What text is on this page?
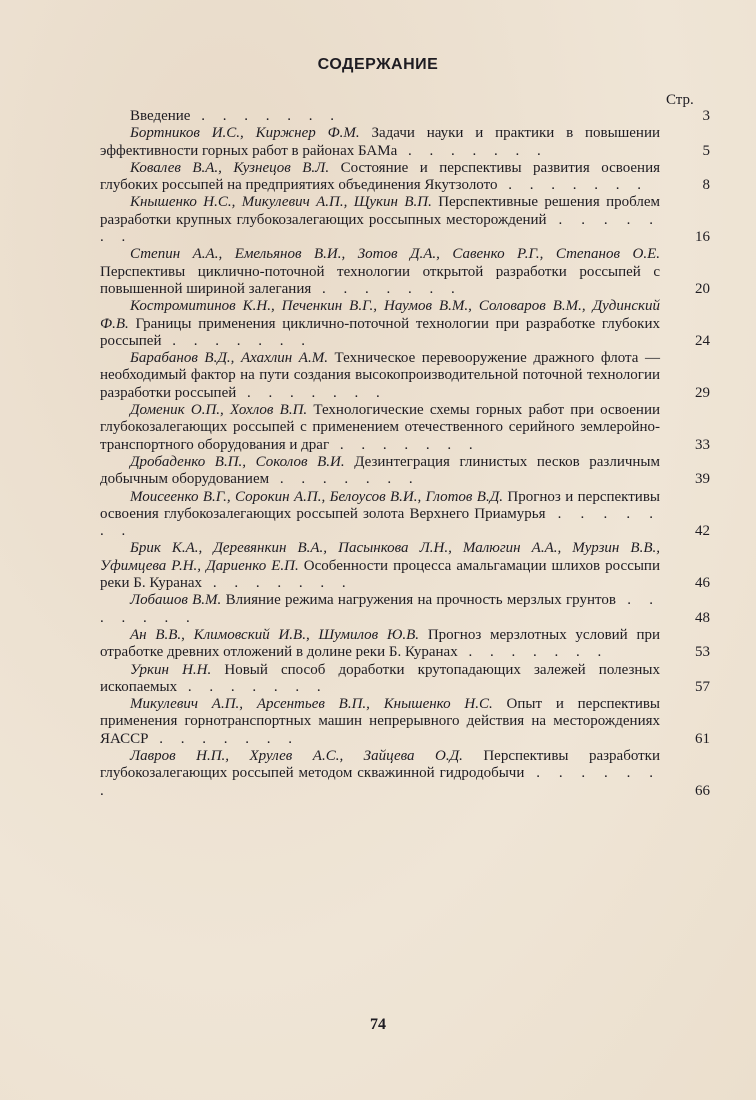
СОДЕРЖАНИЕ
Стр.
Введение . . . . . . .	3
Бортников И.С., Киржнер Ф.М. Задачи науки и практики в повышении эффективности горных работ в районах БАМа . . . . . . .	5
Ковалев В.А., Кузнецов В.Л. Состояние и перспективы развития освоения глубоких россыпей на предприятиях объединения Якутзолото . . . . . . .	8
Кнышенко Н.С., Микулевич А.П., Щукин В.П. Перспективные решения проблем разработки крупных глубокозалегающих россыпных месторождений . . . . . . .	16
Степин А.А., Емельянов В.И., Зотов Д.А., Савенко Р.Г., Степанов О.Е. Перспективы циклично-поточной технологии открытой разработки россыпей с повышенной шириной залегания . . . . . . .	20
Костромитинов К.Н., Печенкин В.Г., Наумов В.М., Соловаров В.М., Дудинский Ф.В. Границы применения циклично-поточной технологии при разработке глубоких россыпей . . . . . . .	24
Барабанов В.Д., Ахахлин А.М. Техническое перевооружение дражного флота — необходимый фактор на пути создания высокопроизводительной поточной технологии разработки россыпей . . . . . . .	29
Доменик О.П., Хохлов В.П. Технологические схемы горных работ при освоении глубокозалегающих россыпей с применением отечественного серийного землеройно-транспортного оборудования и драг . . . . . . .	33
Дробаденко В.П., Соколов В.И. Дезинтеграция глинистых песков различным добычным оборудованием . . . . . . .	39
Моисеенко В.Г., Сорокин А.П., Белоусов В.И., Глотов В.Д. Прогноз и перспективы освоения глубокозалегающих россыпей золота Верхнего Приамурья . . . . . . .	42
Брик К.А., Деревянкин В.А., Пасынкова Л.Н., Малюгин А.А., Мурзин В.В., Уфимцева Р.Н., Дариенко Е.П. Особенности процесса амальгамации шлихов россыпи реки Б. Куранах . . . . . . .	46
Лобашов В.М. Влияние режима нагружения на прочность мерзлых грунтов . . . . . . .	48
Ан В.В., Климовский И.В., Шумилов Ю.В. Прогноз мерзлотных условий при отработке древних отложений в долине реки Б. Куранах . . . . . . .	53
Уркин Н.Н. Новый способ доработки крутопадающих залежей полезных ископаемых . . . . . . .	57
Микулевич А.П., Арсентьев В.П., Кнышенко Н.С. Опыт и перспективы применения горнотранспортных машин непрерывного действия на месторождениях ЯАССР . . . . . . .	61
Лавров Н.П., Хрулев А.С., Зайцева О.Д. Перспективы разработки глубокозалегающих россыпей методом скважинной гидродобычи . . . . . . .	66
74
